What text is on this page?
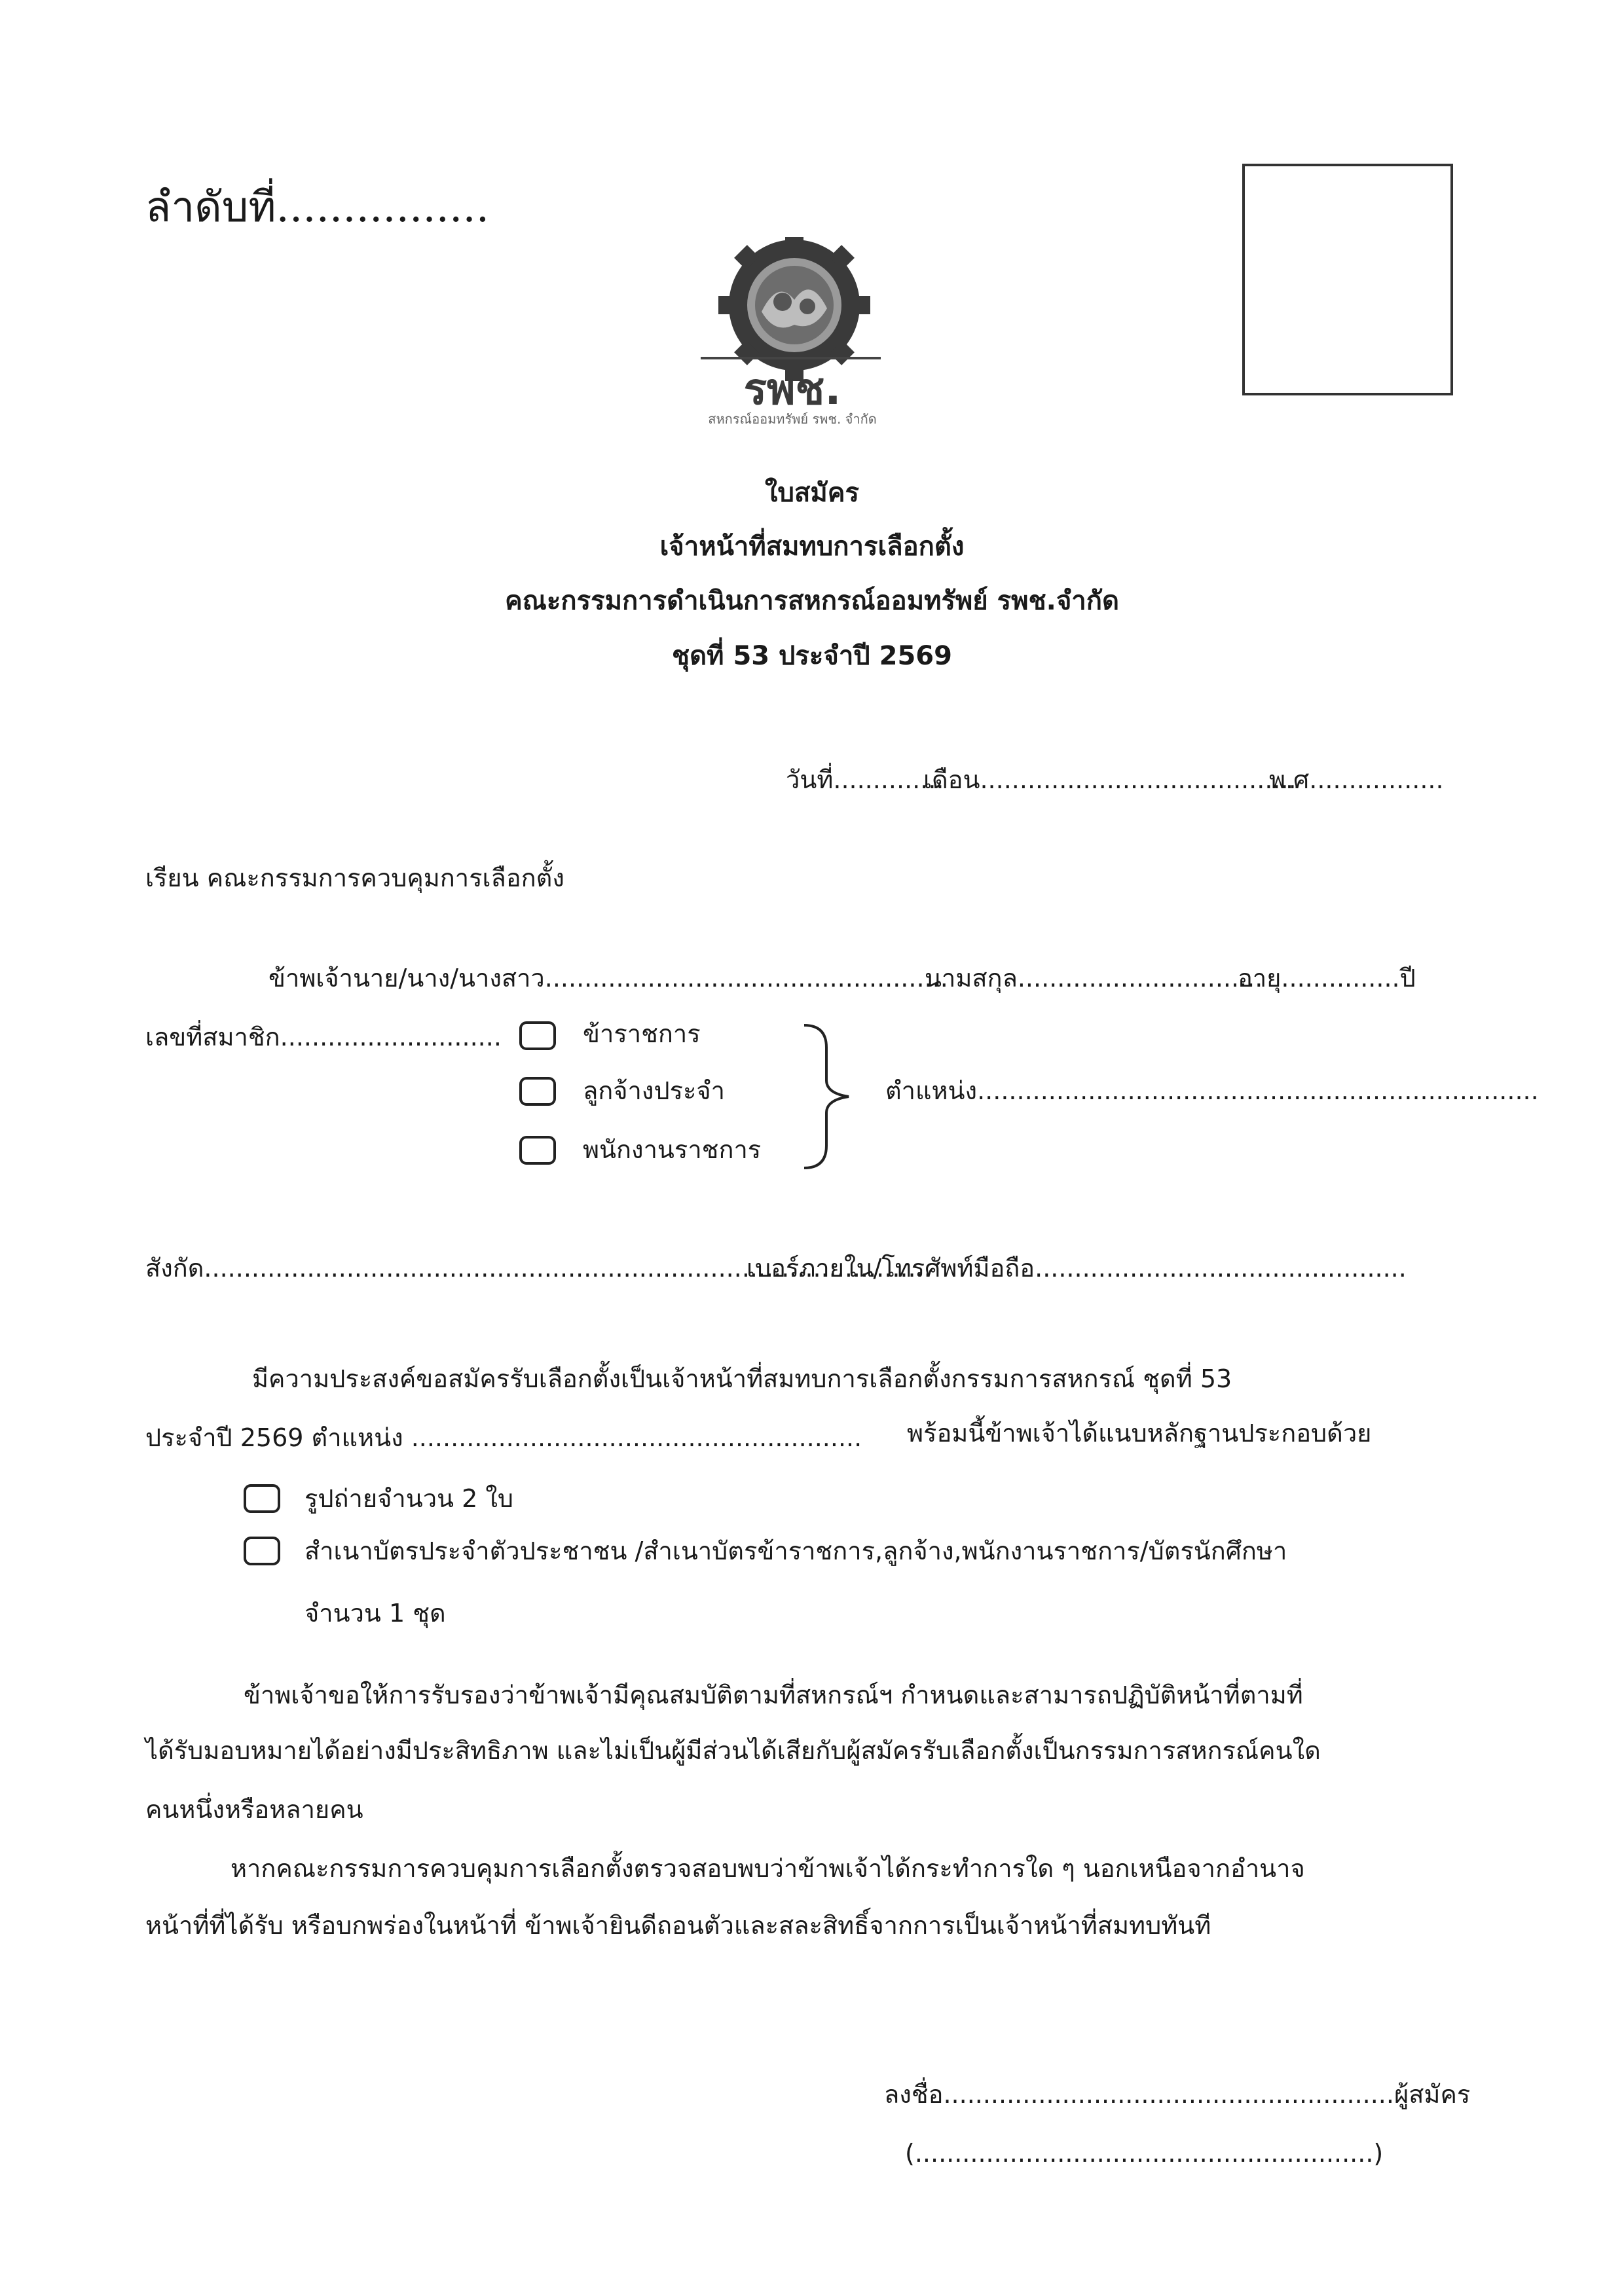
ลำดับที่................
รพช.
สหกรณ์ออมทรัพย์ รพช. จำกัด
ใบสมัคร
เจ้าหน้าที่สมทบการเลือกตั้ง
คณะกรรมการดำเนินการสหกรณ์ออมทรัพย์ รพช.จำกัด
ชุดที่ 53 ประจำปี 2569
วันที่..............
เดือน........................................
พ.ศ.................
เรียน คณะกรรมการควบคุมการเลือกตั้ง
ข้าพเจ้านาย/นาง/นางสาว...................................................
นามสกุล...............................
อายุ...............ปี
เลขที่สมาชิก............................	ข้าราชการ
ลูกจ้างประจำ
พนักงานราชการ
ตำแหน่ง.......................................................................
สังกัด............................................................................................
เบอร์ภายใน/โทรศัพท์มือถือ...............................................
มีความประสงค์ขอสมัครรับเลือกตั้งเป็นเจ้าหน้าที่สมทบการเลือกตั้งกรรมการสหกรณ์ ชุดที่ 53
ประจำปี 2569 ตำแหน่ง ......................................................... พร้อมนี้ข้าพเจ้าได้แนบหลักฐานประกอบด้วย
รูปถ่ายจำนวน 2 ใบ
สำเนาบัตรประจำตัวประชาชน /สำเนาบัตรข้าราชการ,ลูกจ้าง,พนักงานราชการ/บัตรนักศึกษา
จำนวน 1 ชุด
ข้าพเจ้าขอให้การรับรองว่าข้าพเจ้ามีคุณสมบัติตามที่สหกรณ์ฯ กำหนดและสามารถปฏิบัติหน้าที่ตามที่
ได้รับมอบหมายได้อย่างมีประสิทธิภาพ และไม่เป็นผู้มีส่วนได้เสียกับผู้สมัครรับเลือกตั้งเป็นกรรมการสหกรณ์คนใด
คนหนึ่งหรือหลายคน
หากคณะกรรมการควบคุมการเลือกตั้งตรวจสอบพบว่าข้าพเจ้าได้กระทำการใด ๆ นอกเหนือจากอำนาจ
หน้าที่ที่ได้รับ หรือบกพร่องในหน้าที่ ข้าพเจ้ายินดีถอนตัวและสละสิทธิ์จากการเป็นเจ้าหน้าที่สมทบทันที
ลงชื่อ.........................................................ผู้สมัคร
(..........................................................)
